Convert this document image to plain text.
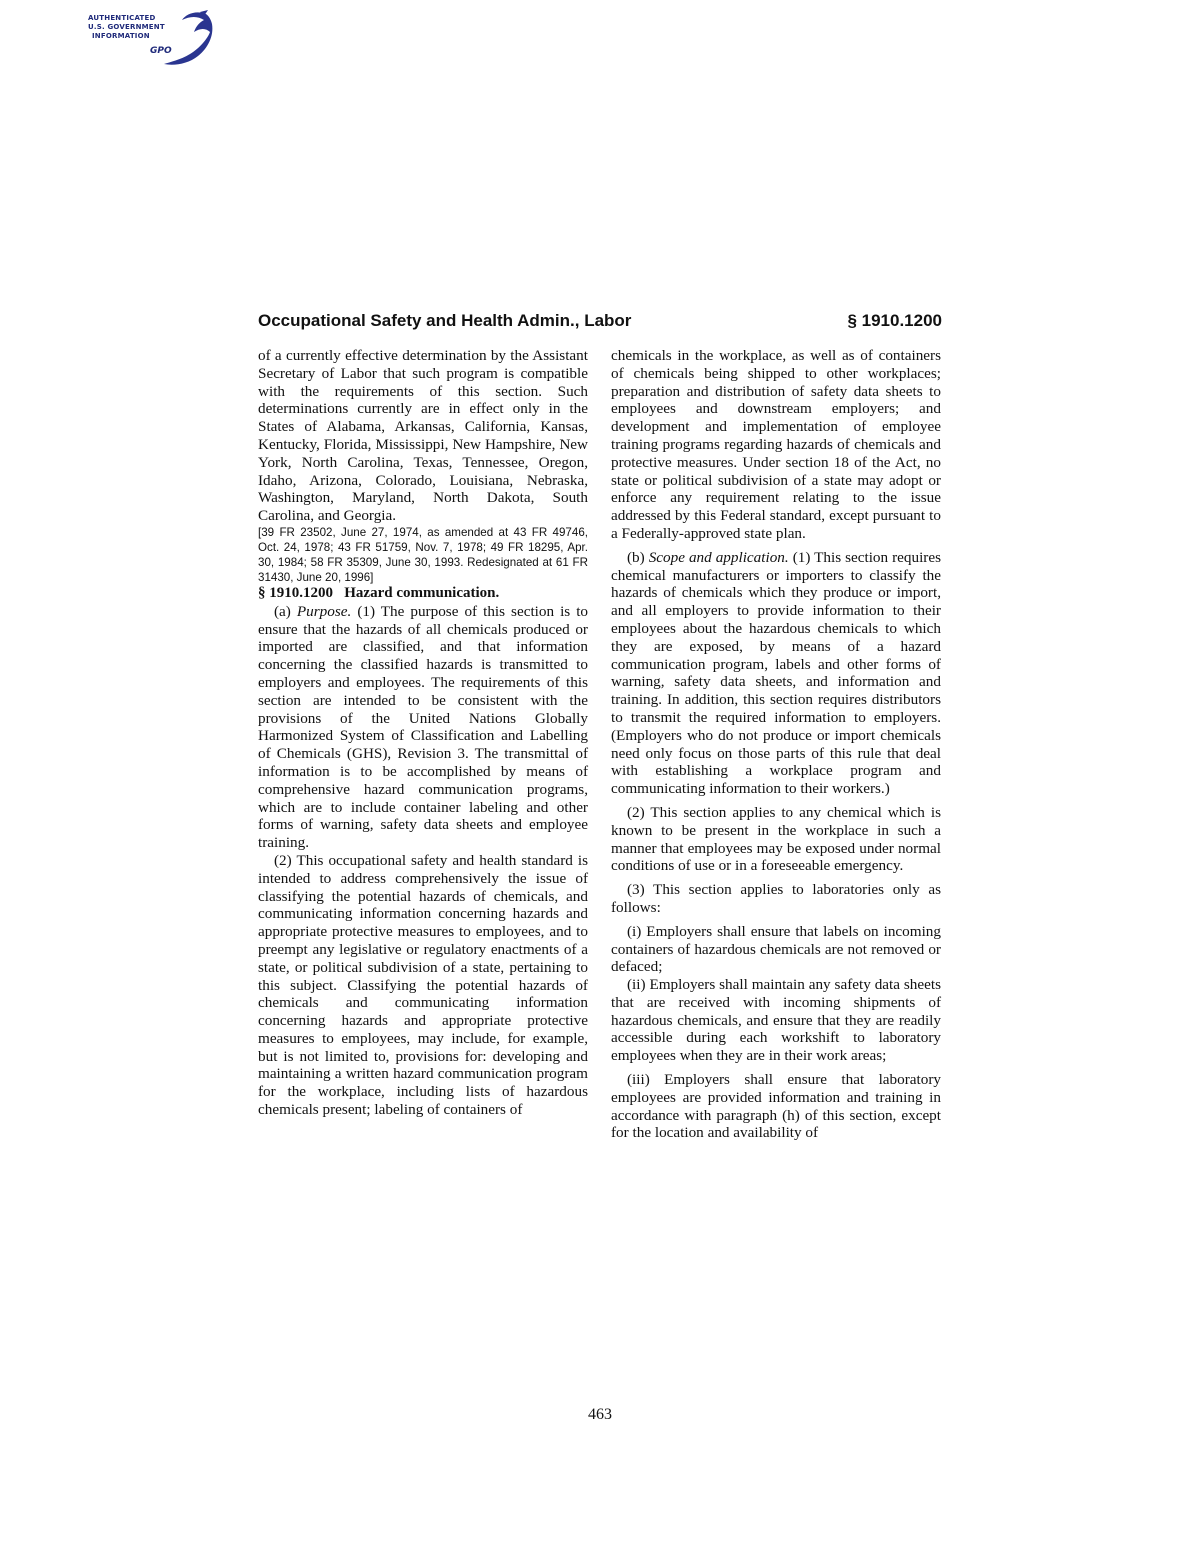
AUTHENTICATED
U.S. GOVERNMENT
INFORMATION
GPO
Occupational Safety and Health Admin., Labor	§ 1910.1200

of a currently effective determination by the Assistant Secretary of Labor that such program is compatible with the requirements of this section. Such determinations currently are in effect only in the States of Alabama, Arkansas, California, Kansas, Kentucky, Florida, Mississippi, New Hampshire, New York, North Carolina, Texas, Tennessee, Oregon, Idaho, Arizona, Colorado, Louisiana, Nebraska, Washington, Maryland, North Dakota, South Carolina, and Georgia.

[39 FR 23502, June 27, 1974, as amended at 43 FR 49746, Oct. 24, 1978; 43 FR 51759, Nov. 7, 1978; 49 FR 18295, Apr. 30, 1984; 58 FR 35309, June 30, 1993. Redesignated at 61 FR 31430, June 20, 1996]

§ 1910.1200 Hazard communication.

(a) Purpose. (1) The purpose of this section is to ensure that the hazards of all chemicals produced or imported are classified, and that information concerning the classified hazards is transmitted to employers and employees. The requirements of this section are intended to be consistent with the provisions of the United Nations Globally Harmonized System of Classification and Labelling of Chemicals (GHS), Revision 3. The transmittal of information is to be accomplished by means of comprehensive hazard communication programs, which are to include container labeling and other forms of warning, safety data sheets and employee training.

(2) This occupational safety and health standard is intended to address comprehensively the issue of classifying the potential hazards of chemicals, and communicating information concerning hazards and appropriate protective measures to employees, and to preempt any legislative or regulatory enactments of a state, or political subdivision of a state, pertaining to this subject. Classifying the potential hazards of chemicals and communicating information concerning hazards and appropriate protective measures to employees, may include, for example, but is not limited to, provisions for: developing and maintaining a written hazard communication program for the workplace, including lists of hazardous chemicals present; labeling of containers of

chemicals in the workplace, as well as of containers of chemicals being shipped to other workplaces; preparation and distribution of safety data sheets to employees and downstream employers; and development and implementation of employee training programs regarding hazards of chemicals and protective measures. Under section 18 of the Act, no state or political subdivision of a state may adopt or enforce any requirement relating to the issue addressed by this Federal standard, except pursuant to a Federally-approved state plan.

(b) Scope and application. (1) This section requires chemical manufacturers or importers to classify the hazards of chemicals which they produce or import, and all employers to provide information to their employees about the hazardous chemicals to which they are exposed, by means of a hazard communication program, labels and other forms of warning, safety data sheets, and information and training. In addition, this section requires distributors to transmit the required information to employers. (Employers who do not produce or import chemicals need only focus on those parts of this rule that deal with establishing a workplace program and communicating information to their workers.)

(2) This section applies to any chemical which is known to be present in the workplace in such a manner that employees may be exposed under normal conditions of use or in a foreseeable emergency.

(3) This section applies to laboratories only as follows:

(i) Employers shall ensure that labels on incoming containers of hazardous chemicals are not removed or defaced;

(ii) Employers shall maintain any safety data sheets that are received with incoming shipments of hazardous chemicals, and ensure that they are readily accessible during each workshift to laboratory employees when they are in their work areas;

(iii) Employers shall ensure that laboratory employees are provided information and training in accordance with paragraph (h) of this section, except for the location and availability of

463
